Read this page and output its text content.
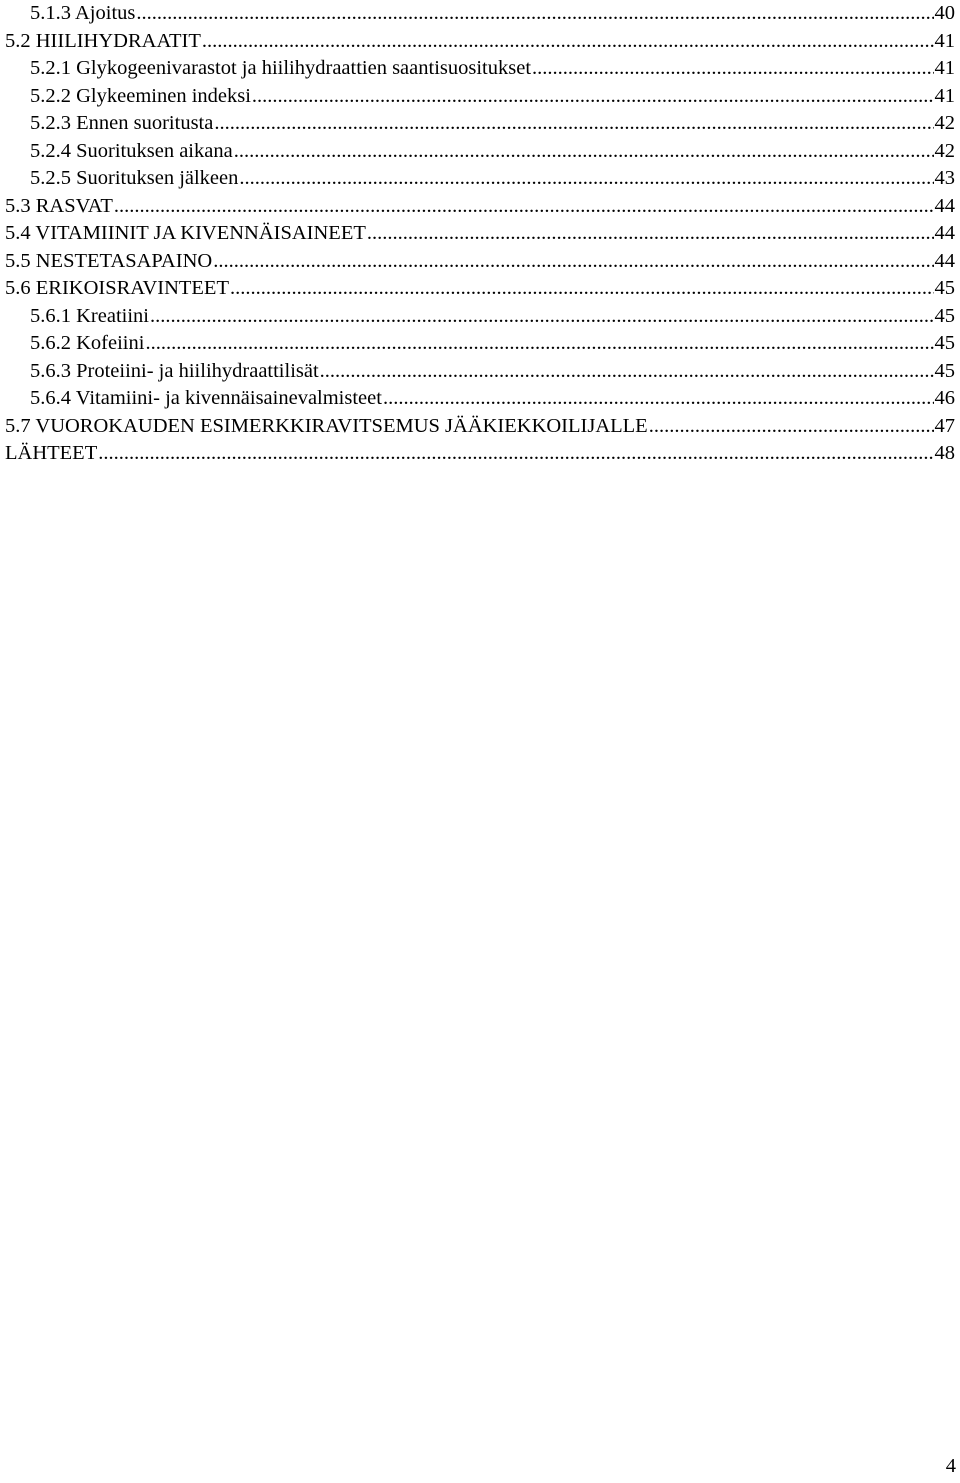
5.1.3 Ajoitus .....	40
5.2 HIILIHYDRAATIT .....	41
5.2.1 Glykogeenivarastot ja hiilihydraattien saantisuositukset .....	41
5.2.2 Glykeeminen indeksi .....	41
5.2.3 Ennen suoritusta .....	42
5.2.4 Suorituksen aikana .....	42
5.2.5 Suorituksen jälkeen .....	43
5.3 RASVAT .....	44
5.4 VITAMIINIT JA KIVENNÄISAINEET .....	44
5.5 NESTETASAPAINO .....	44
5.6 ERIKOISRAVINTEET .....	45
5.6.1 Kreatiini .....	45
5.6.2 Kofeiini .....	45
5.6.3 Proteiini- ja hiilihydraattilisät .....	45
5.6.4 Vitamiini- ja kivennäisainevalmisteet .....	46
5.7 VUOROKAUDEN ESIMERKKIRAVITSEMUS JÄÄKIEKKOILIJALLE .....	47
LÄHTEET .....	48
4
